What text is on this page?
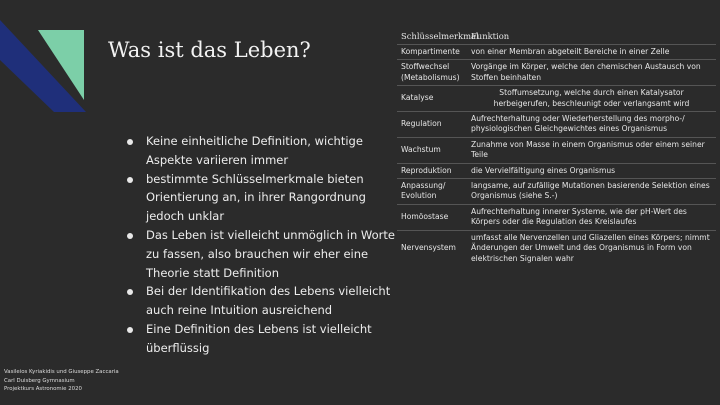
Was ist das Leben?
Keine einheitliche Definition, wichtige Aspekte variieren immer
bestimmte Schlüsselmerkmale bieten Orientierung an, in ihrer Rangordnung jedoch unklar
Das Leben ist vielleicht unmöglich in Worte zu fassen, also brauchen wir eher eine Theorie statt Definition
Bei der Identifikation des Lebens vielleicht auch reine Intuition ausreichend
Eine Definition des Lebens ist vielleicht überflüssig
Vasileios Kyriakidis und Giuseppe Zaccaria
Carl Duisberg Gymnasium
Projektkurs Astronomie 2020
Schlüsselmerkmal	Funktion
Kompartimente	von einer Membran abgeteilt Bereiche in einer Zelle
Stoffwechsel (Metabolismus)	Vorgänge im Körper, welche den chemischen Austausch von Stoffen beinhalten
Katalyse	Stoffumsetzung, welche durch einen Katalysator herbeigerufen, beschleunigt oder verlangsamt wird
Regulation	Aufrechterhaltung oder Wiederherstellung des morpho-/ physiologischen Gleichgewichtes eines Organismus
Wachstum	Zunahme von Masse in einem Organismus oder einem seiner Teile
Reproduktion	die Vervielfältigung eines Organismus
Anpassung/ Evolution	langsame, auf zufällige Mutationen basierende Selektion eines Organismus (siehe S.-)
Homöostase	Aufrechterhaltung innerer Systeme, wie der pH-Wert des Körpers oder die Regulation des Kreislaufes
Nervensystem	umfasst alle Nervenzellen und Gliazellen eines Körpers; nimmt Änderungen der Umwelt und des Organismus in Form von elektrischen Signalen wahr
